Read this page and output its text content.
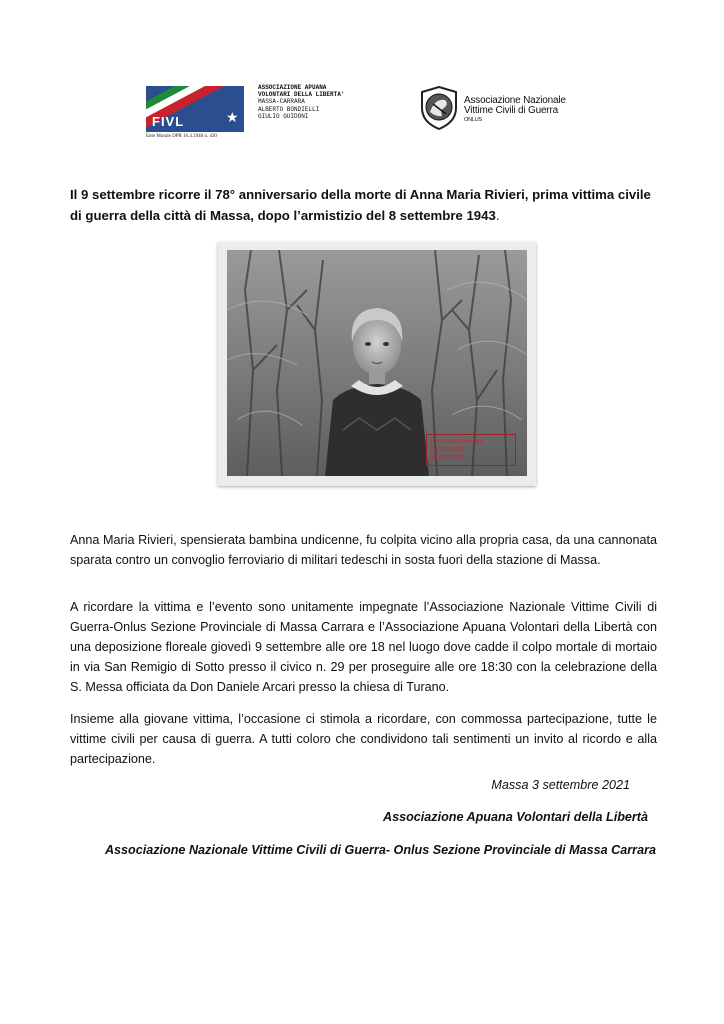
FIVL	★
Ente Morale DPR 16.4.1948 n. 430
ASSOCIAZIONE APUANA
VOLONTARI DELLA LIBERTA'
MASSA-CARRARA
ALBERTO BONDIELLI
GIULIO GUIDONI
Associazione Nazionale
Vittime Civili di Guerra
ONLUS

Il 9 settembre ricorre il 78° anniversario della morte di Anna Maria Rivieri, prima vittima civile di guerra della città di Massa, dopo l’armistizio del 8 settembre 1943.

Anna Maria Rivieri
02-07-1932
09-09-1943

Anna Maria Rivieri, spensierata bambina undicenne, fu colpita vicino alla propria casa, da una cannonata sparata contro un convoglio ferroviario di militari tedeschi in sosta fuori della stazione di Massa.

A ricordare la vittima e l’evento sono unitamente impegnate l’Associazione Nazionale Vittime Civili di Guerra-Onlus Sezione Provinciale di Massa Carrara e l’Associazione Apuana Volontari della Libertà con una deposizione floreale giovedì 9 settembre alle ore 18 nel luogo dove cadde il colpo mortale di mortaio in via San Remigio di Sotto presso il civico n. 29 per proseguire alle ore 18:30 con la celebrazione della S. Messa officiata da Don Daniele Arcari presso la chiesa di Turano.

Insieme alla giovane vittima, l’occasione ci stimola a ricordare, con commossa partecipazione, tutte le vittime civili per causa di guerra. A tutti coloro che condividono tali sentimenti un invito al ricordo e alla partecipazione.

Massa 3 settembre 2021

Associazione Apuana Volontari della Libertà

Associazione Nazionale Vittime Civili di Guerra- Onlus Sezione Provinciale di Massa Carrara
